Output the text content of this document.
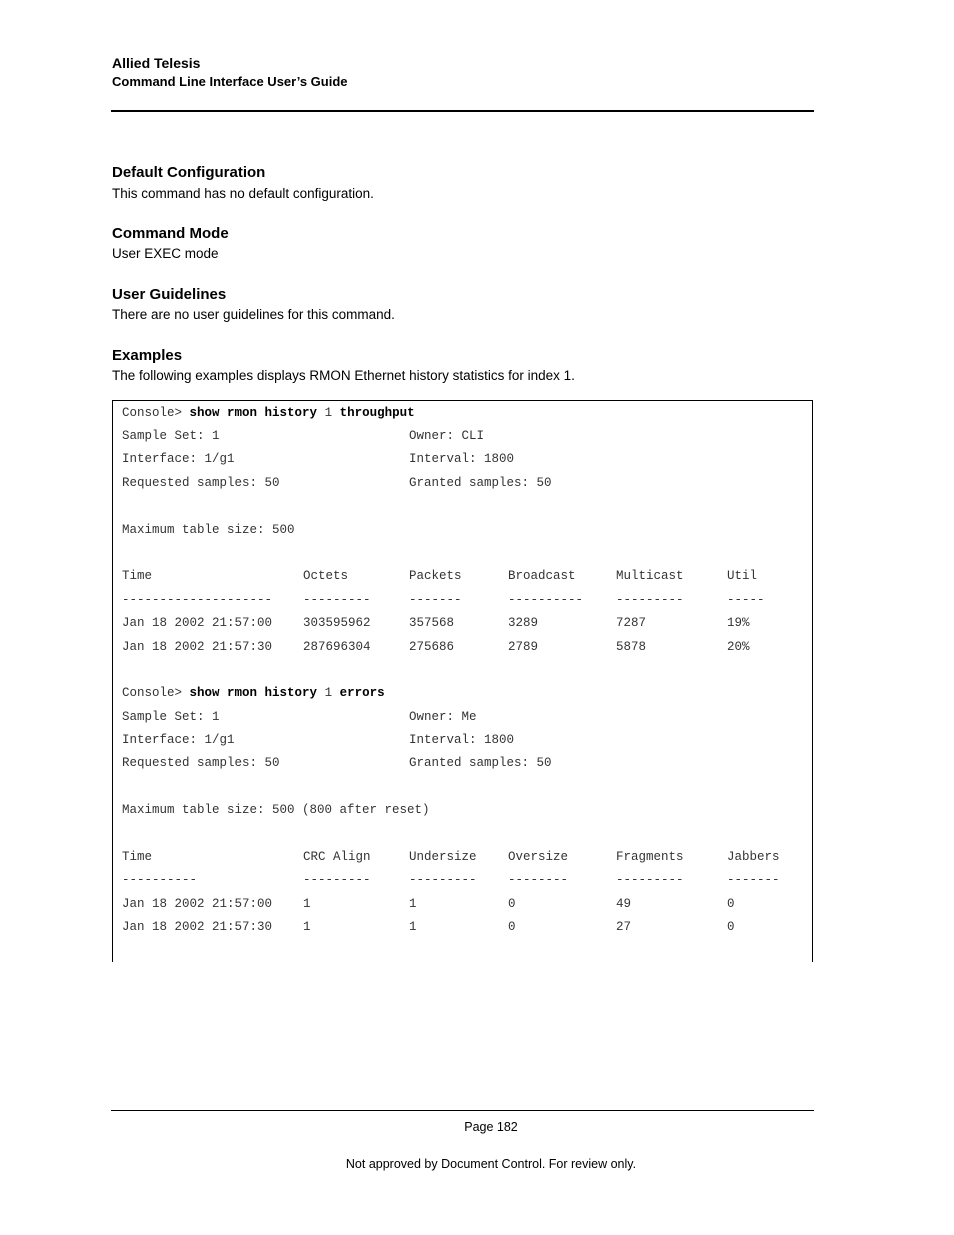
Allied Telesis
Command Line Interface User’s Guide
Default Configuration
This command has no default configuration.
Command Mode
User EXEC mode
User Guidelines
There are no user guidelines for this command.
Examples
The following examples displays RMON Ethernet history statistics for index 1.
Console> show rmon history 1 throughput
Sample Set: 1	Owner: CLI
Interface: 1/g1	Interval: 1800
Requested samples: 50	Granted samples: 50
Maximum table size: 500
Time	Octets	Packets	Broadcast	Multicast	Util
-------------------- ---------	-------	----------	---------	-----
Jan 18 2002 21:57:00 303595962	357568	3289	7287	19%
Jan 18 2002 21:57:30 287696304	275686	2789	5878	20%
Console> show rmon history 1 errors
Sample Set: 1	Owner: Me
Interface: 1/g1	Interval: 1800
Requested samples: 50	Granted samples: 50
Maximum table size: 500 (800 after reset)
Time	CRC Align	Undersize	Oversize	Fragments	Jabbers
----------	---------	---------	--------	---------	-------
Jan 18 2002 21:57:00 1	1	0	49	0
Jan 18 2002 21:57:30 1	1	0	27	0
Page 182
Not approved by Document Control. For review only.
